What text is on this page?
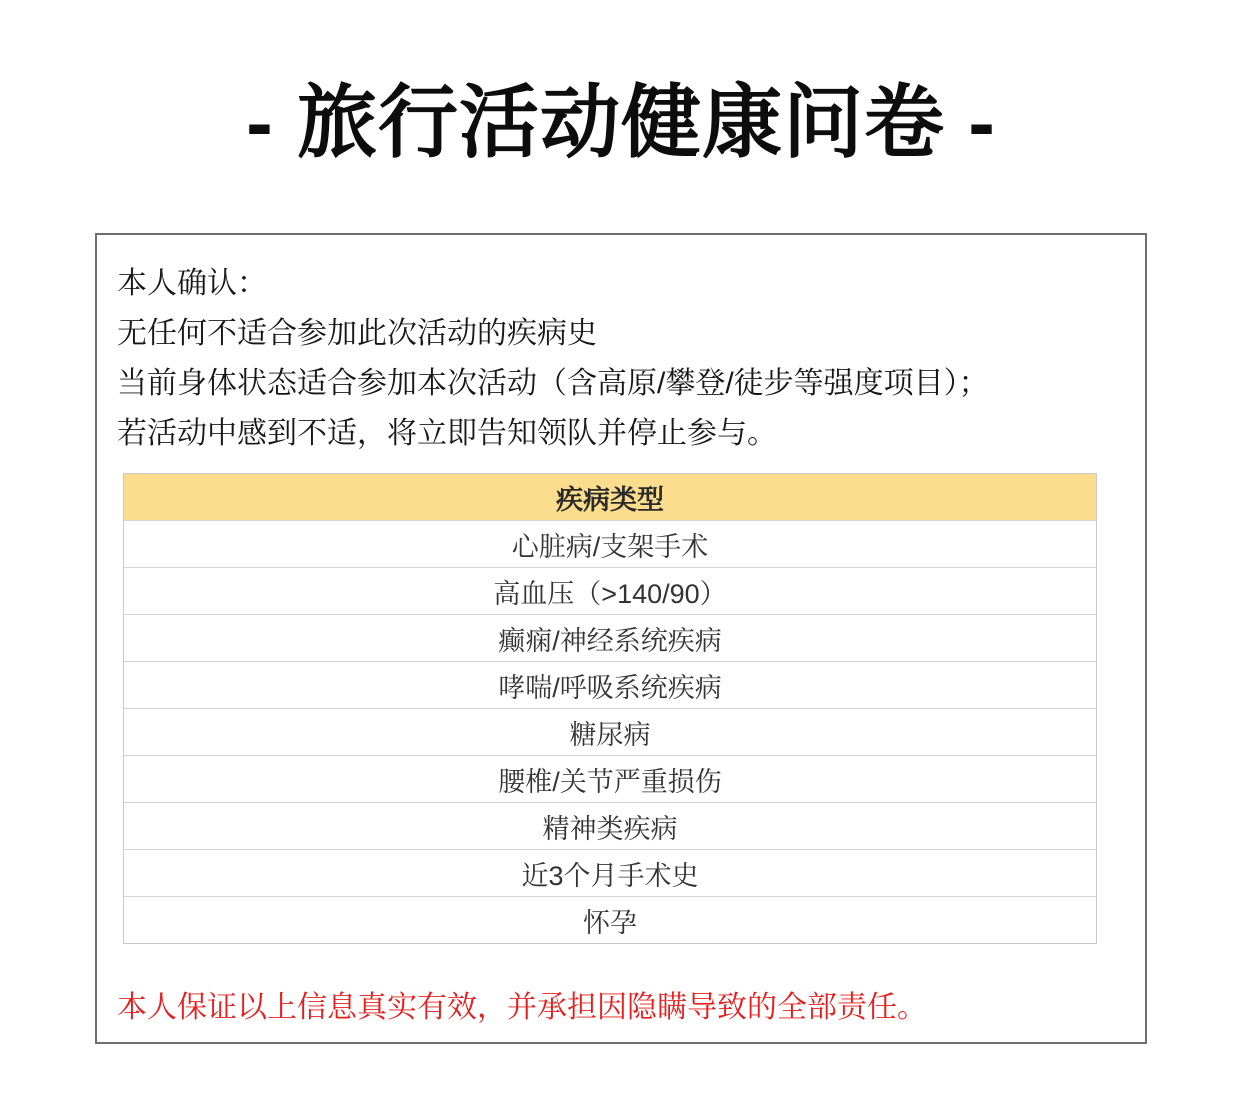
- 旅行活动健康问卷 -
本人确认：
无任何不适合参加此次活动的疾病史
当前身体状态适合参加本次活动（含高原/攀登/徒步等强度项目）；
若活动中感到不适，将立即告知领队并停止参与。
疾病类型
心脏病/支架手术
高血压（>140/90）
癫痫/神经系统疾病
哮喘/呼吸系统疾病
糖尿病
腰椎/关节严重损伤
精神类疾病
近3个月手术史
怀孕
本人保证以上信息真实有效，并承担因隐瞒导致的全部责任。
